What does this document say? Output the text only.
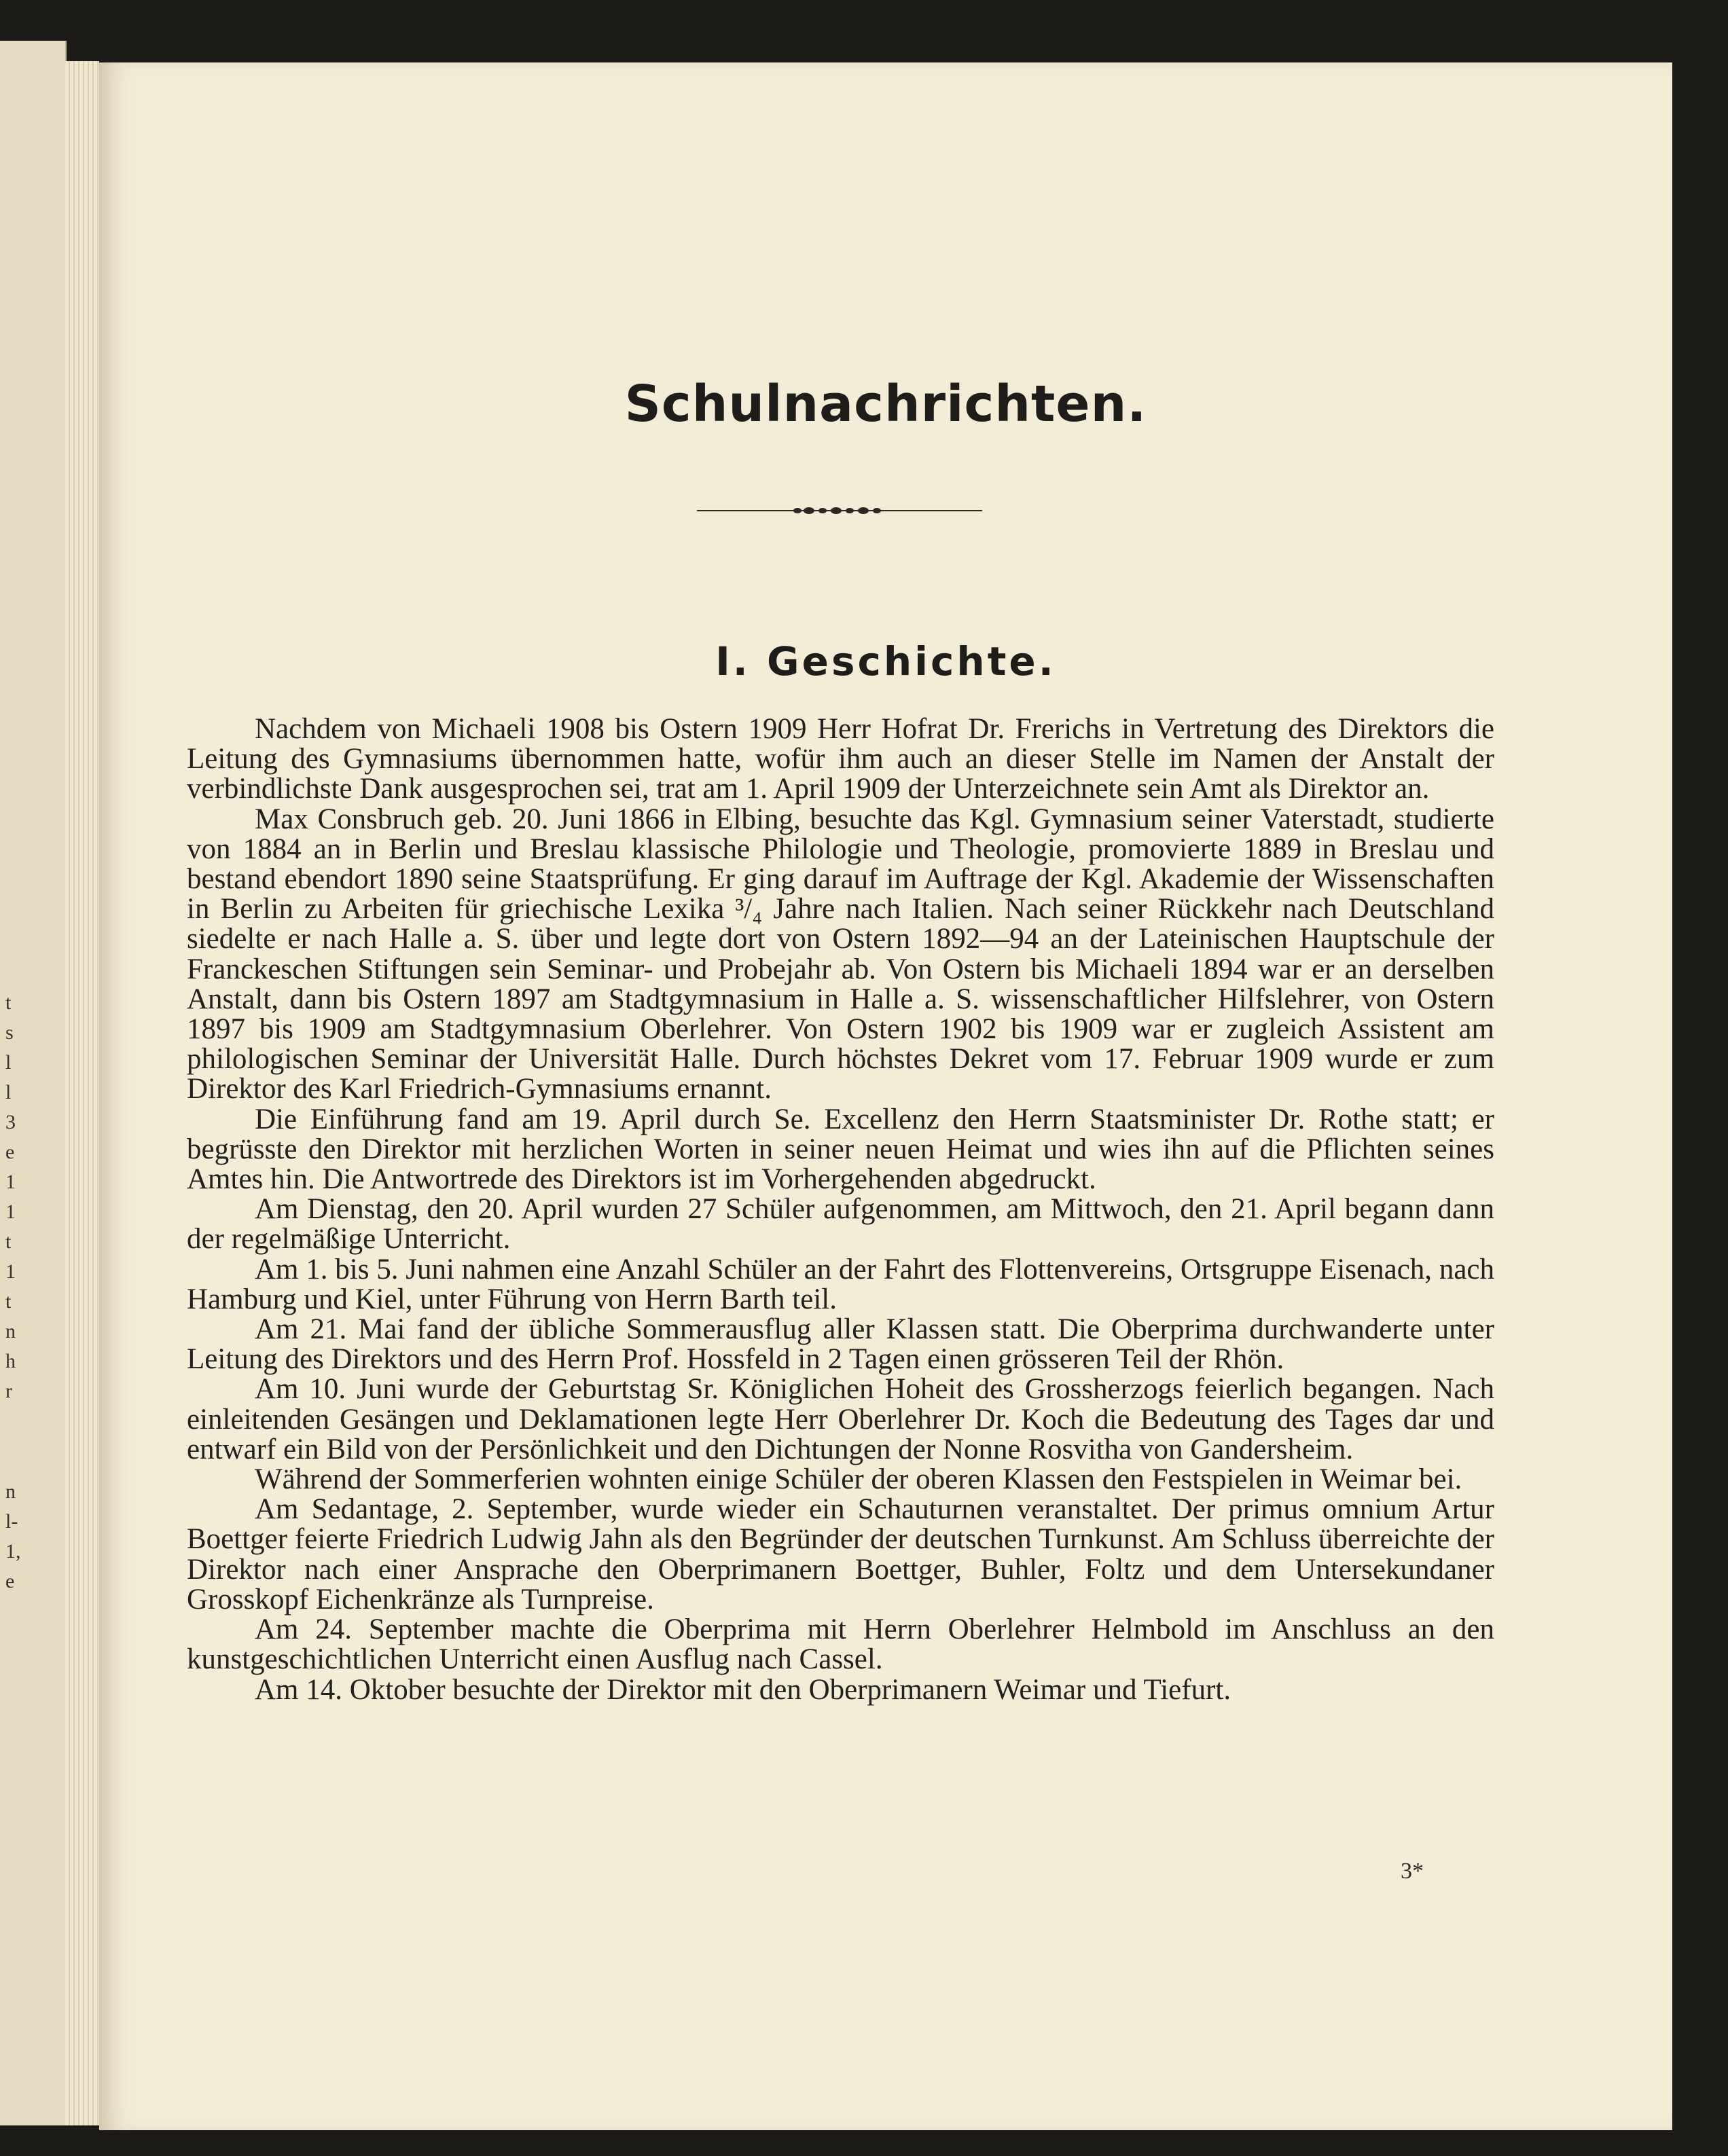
t
s
l
l
3
e
1
1
t
1
t
n
h
r
n
l-
1,
e
Schulnachrichten.
I. Geschichte.

Nachdem von Michaeli 1908 bis Ostern 1909 Herr Hofrat Dr. Frerichs in Vertretung des Direktors die Leitung des Gymnasiums übernommen hatte, wofür ihm auch an dieser Stelle im Namen der Anstalt der verbindlichste Dank ausgesprochen sei, trat am 1. April 1909 der Unterzeichnete sein Amt als Direktor an.

Max Consbruch geb. 20. Juni 1866 in Elbing, besuchte das Kgl. Gymnasium seiner Vaterstadt, studierte von 1884 an in Berlin und Breslau klassische Philologie und Theologie, promovierte 1889 in Breslau und bestand ebendort 1890 seine Staatsprüfung. Er ging darauf im Auftrage der Kgl. Akademie der Wissenschaften in Berlin zu Arbeiten für griechische Lexika ³/₄ Jahre nach Italien. Nach seiner Rückkehr nach Deutschland siedelte er nach Halle a. S. über und legte dort von Ostern 1892—94 an der Lateinischen Hauptschule der Franckeschen Stiftungen sein Seminar- und Probejahr ab. Von Ostern bis Michaeli 1894 war er an derselben Anstalt, dann bis Ostern 1897 am Stadtgymnasium in Halle a. S. wissenschaftlicher Hilfslehrer, von Ostern 1897 bis 1909 am Stadtgymnasium Oberlehrer. Von Ostern 1902 bis 1909 war er zugleich Assistent am philologischen Seminar der Universität Halle. Durch höchstes Dekret vom 17. Februar 1909 wurde er zum Direktor des Karl Friedrich-Gymnasiums ernannt.

Die Einführung fand am 19. April durch Se. Excellenz den Herrn Staatsminister Dr. Rothe statt; er begrüsste den Direktor mit herzlichen Worten in seiner neuen Heimat und wies ihn auf die Pflichten seines Amtes hin. Die Antwortrede des Direktors ist im Vorhergehenden abgedruckt.

Am Dienstag, den 20. April wurden 27 Schüler aufgenommen, am Mittwoch, den 21. April begann dann der regelmäßige Unterricht.

Am 1. bis 5. Juni nahmen eine Anzahl Schüler an der Fahrt des Flottenvereins, Ortsgruppe Eisenach, nach Hamburg und Kiel, unter Führung von Herrn Barth teil.

Am 21. Mai fand der übliche Sommerausflug aller Klassen statt. Die Oberprima durchwanderte unter Leitung des Direktors und des Herrn Prof. Hossfeld in 2 Tagen einen grösseren Teil der Rhön.

Am 10. Juni wurde der Geburtstag Sr. Königlichen Hoheit des Grossherzogs feierlich begangen. Nach einleitenden Gesängen und Deklamationen legte Herr Oberlehrer Dr. Koch die Bedeutung des Tages dar und entwarf ein Bild von der Persönlichkeit und den Dichtungen der Nonne Rosvitha von Gandersheim.

Während der Sommerferien wohnten einige Schüler der oberen Klassen den Festspielen in Weimar bei.

Am Sedantage, 2. September, wurde wieder ein Schauturnen veranstaltet. Der primus omnium Artur Boettger feierte Friedrich Ludwig Jahn als den Begründer der deutschen Turnkunst. Am Schluss überreichte der Direktor nach einer Ansprache den Oberprimanern Boettger, Buhler, Foltz und dem Untersekundaner Grosskopf Eichenkränze als Turnpreise.

Am 24. September machte die Oberprima mit Herrn Oberlehrer Helmbold im Anschluss an den kunstgeschichtlichen Unterricht einen Ausflug nach Cassel.

Am 14. Oktober besuchte der Direktor mit den Oberprimanern Weimar und Tiefurt.

3*
